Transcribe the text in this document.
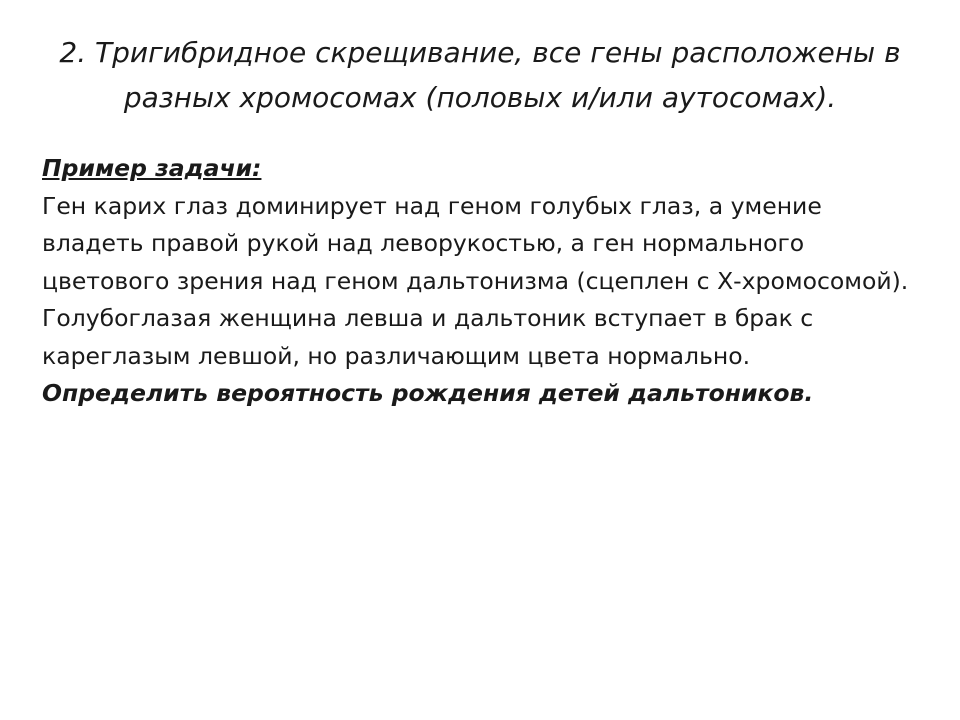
2. Тригибридное скрещивание, все гены расположены в разных хромосомах (половых и/или аутосомах).

Пример задачи:

Ген карих глаз доминирует над геном голубых глаз, а умение владеть правой рукой над леворукостью, а ген нормального цветового зрения над геном дальтонизма (сцеплен с Х-хромосомой). Голубоглазая женщина левша и дальтоник вступает в брак с кареглазым левшой, но различающим цвета нормально.

Определить вероятность рождения детей дальтоников.
